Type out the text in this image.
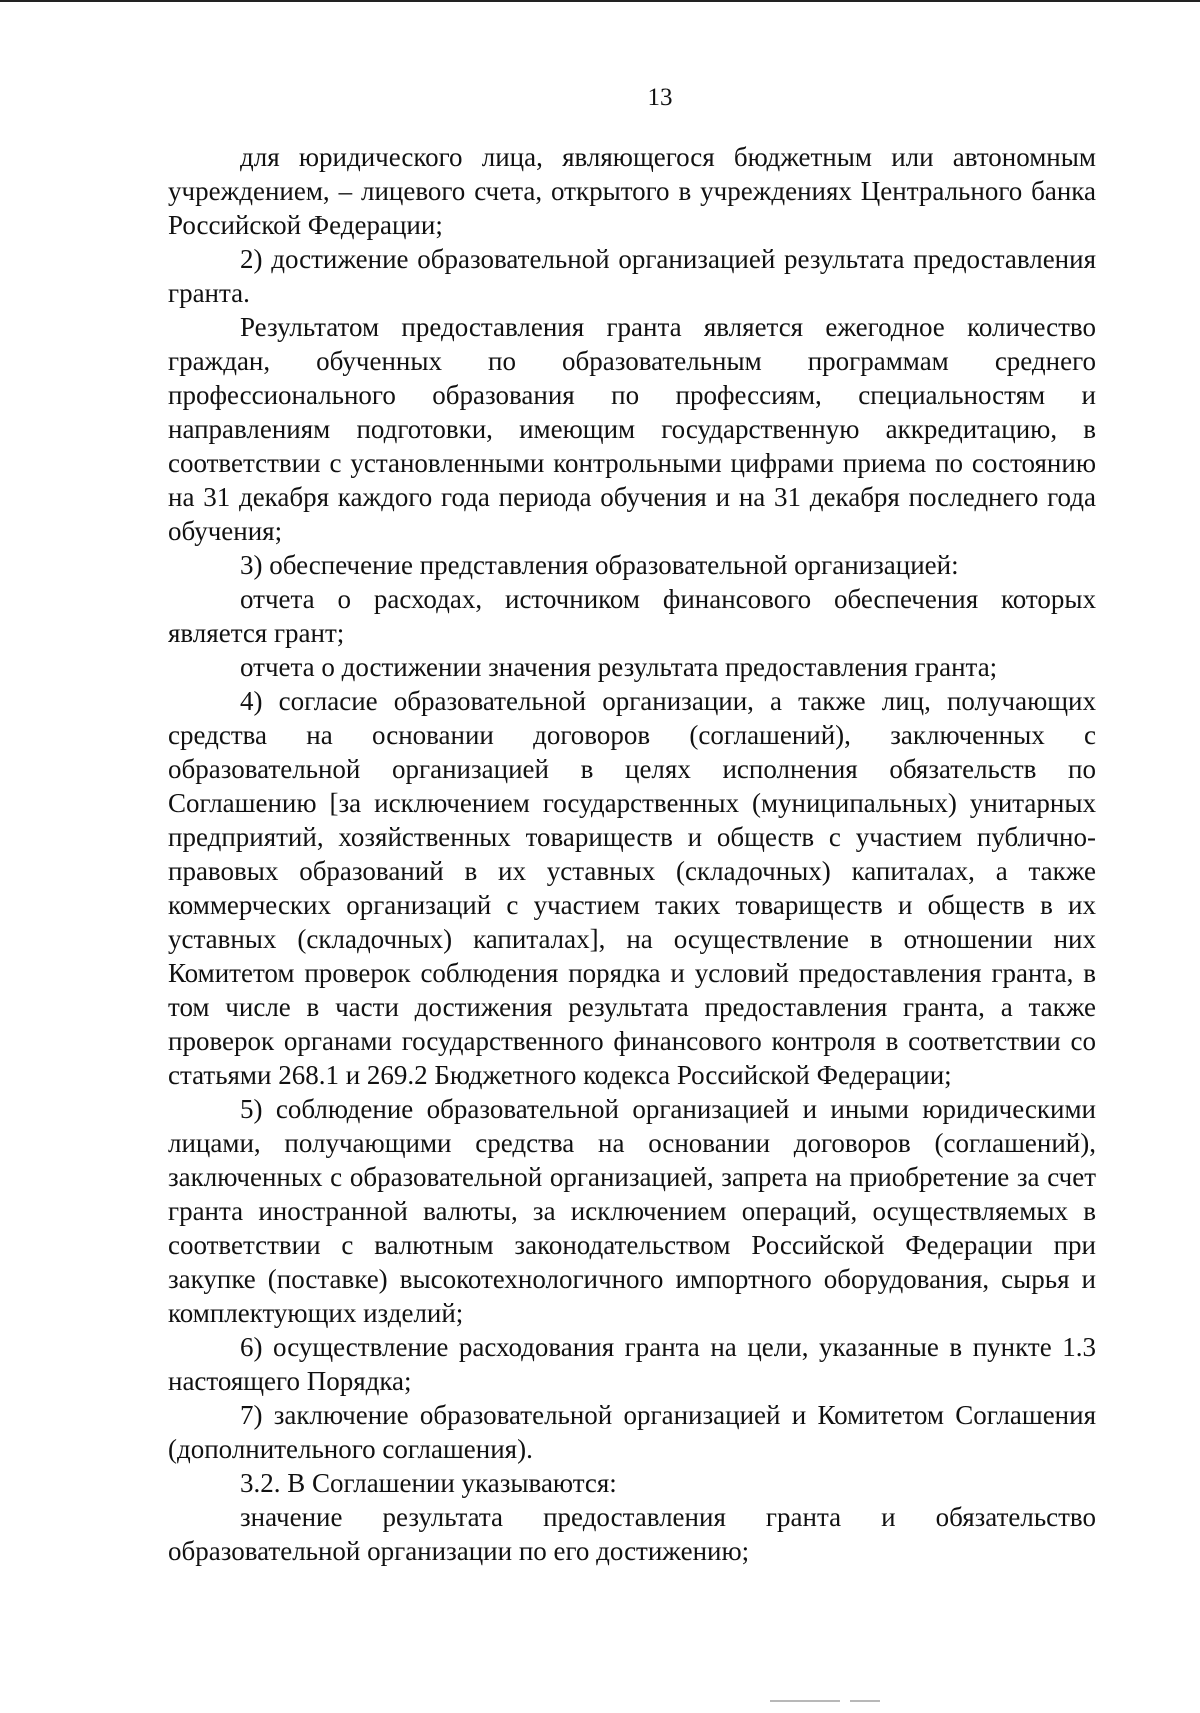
13

для юридического лица, являющегося бюджетным или автономным учреждением, – лицевого счета, открытого в учреждениях Центрального банка Российской Федерации;

2) достижение образовательной организацией результата предоставления гранта.

Результатом предоставления гранта является ежегодное количество граждан, обученных по образовательным программам среднего профессионального образования по профессиям, специальностям и направлениям подготовки, имеющим государственную аккредитацию, в соответствии с установленными контрольными цифрами приема по состоянию на 31 декабря каждого года периода обучения и на 31 декабря последнего года обучения;

3) обеспечение представления образовательной организацией:

отчета о расходах, источником финансового обеспечения которых является грант;

отчета о достижении значения результата предоставления гранта;

4) согласие образовательной организации, а также лиц, получающих средства на основании договоров (соглашений), заключенных с образовательной организацией в целях исполнения обязательств по Соглашению [за исключением государственных (муниципальных) унитарных предприятий, хозяйственных товариществ и обществ с участием публично-правовых образований в их уставных (складочных) капиталах, а также коммерческих организаций с участием таких товариществ и обществ в их уставных (складочных) капиталах], на осуществление в отношении них Комитетом проверок соблюдения порядка и условий предоставления гранта, в том числе в части достижения результата предоставления гранта, а также проверок органами государственного финансового контроля в соответствии со статьями 268.1 и 269.2 Бюджетного кодекса Российской Федерации;

5) соблюдение образовательной организацией и иными юридическими лицами, получающими средства на основании договоров (соглашений), заключенных с образовательной организацией, запрета на приобретение за счет гранта иностранной валюты, за исключением операций, осуществляемых в соответствии с валютным законодательством Российской Федерации при закупке (поставке) высокотехнологичного импортного оборудования, сырья и комплектующих изделий;

6) осуществление расходования гранта на цели, указанные в пункте 1.3 настоящего Порядка;

7) заключение образовательной организацией и Комитетом Соглашения (дополнительного соглашения).

3.2. В Соглашении указываются:

значение результата предоставления гранта и обязательство образовательной организации по его достижению;
